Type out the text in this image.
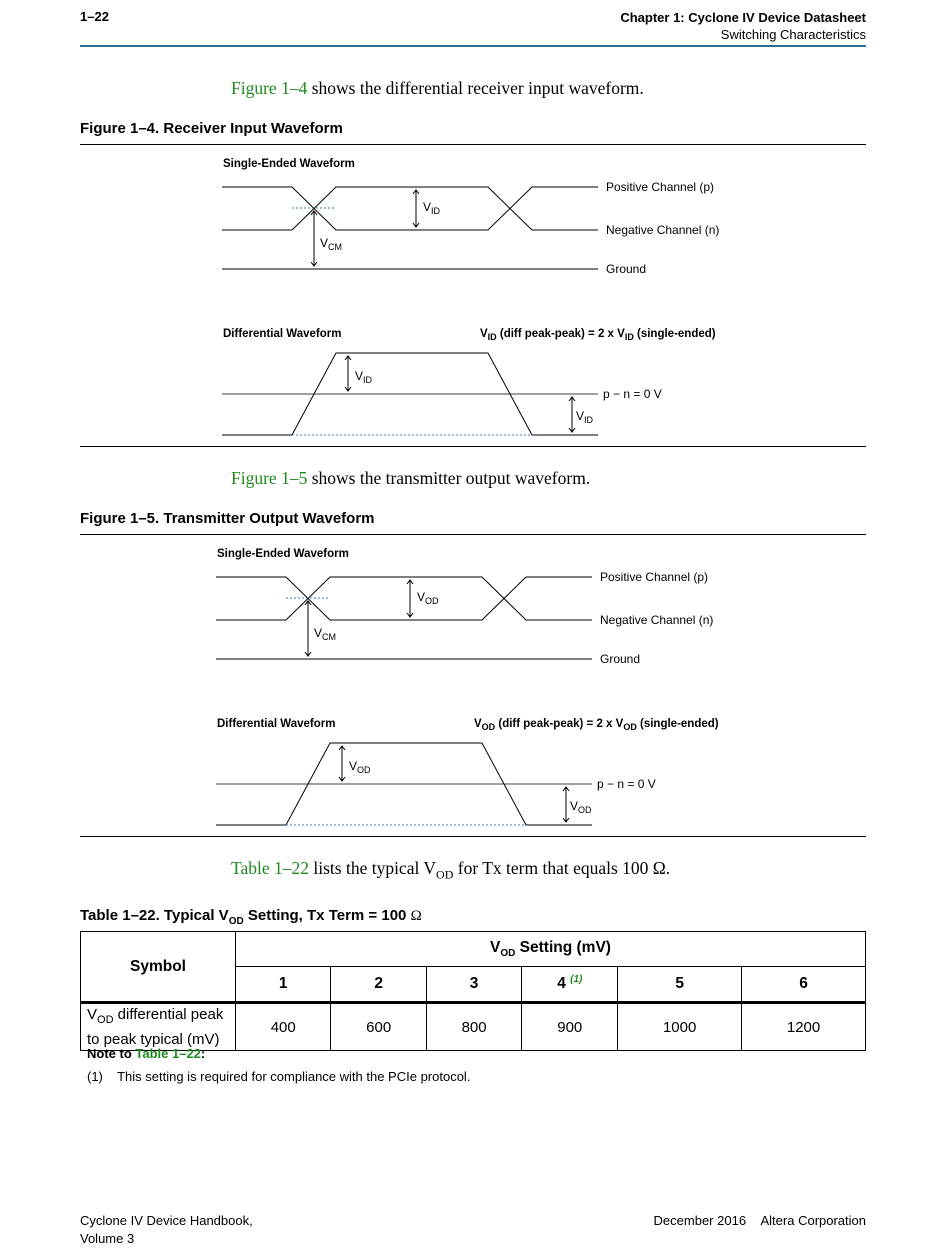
1–22	Chapter 1: Cyclone IV Device Datasheet
Switching Characteristics
Figure 1–4 shows the differential receiver input waveform.
Figure 1–4. Receiver Input Waveform
Single-Ended Waveform
$V_{CM}$
$V_{ID}$
Positive Channel (p)
Negative Channel (n)
Ground
Differential Waveform	$V_{ID}$ (diff peak-peak) = 2 x $V_{ID}$ (single-ended)
$V_{ID}$
$V_{ID}$
p − n = 0 V
Figure 1–5 shows the transmitter output waveform.
Figure 1–5. Transmitter Output Waveform
Single-Ended Waveform
$V_{CM}$
$V_{OD}$
Positive Channel (p)
Negative Channel (n)
Ground
Differential Waveform	$V_{OD}$ (diff peak-peak) = 2 x $V_{OD}$ (single-ended)
$V_{OD}$
$V_{OD}$
p − n = 0 V
Table 1–22 lists the typical $V_{OD}$ for Tx term that equals 100 Ω.
Table 1–22. Typical $V_{OD}$ Setting, Tx Term = 100 Ω
Symbol	$V_{OD}$ Setting (mV)					
	1	2	3	4 $^{(1)}$	5	6
$V_{OD}$ differential peak
to peak typical (mV)	400	600	800	900	1000	1200
Note to Table 1–22:
(1)    This setting is required for compliance with the PCIe protocol.
Cyclone IV Device Handbook,
Volume 3
December 2016 Altera Corporation
